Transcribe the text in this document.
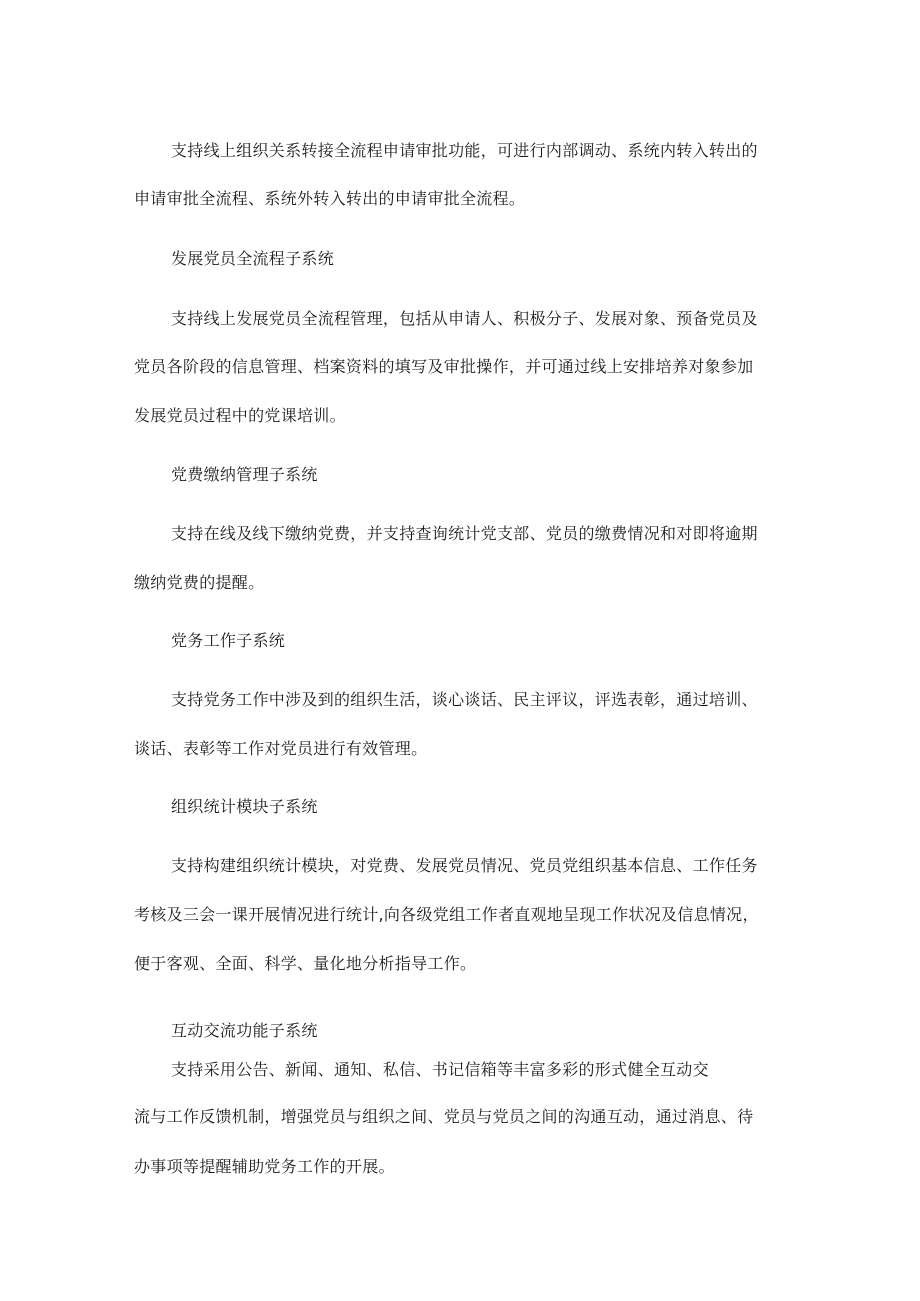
支持线上组织关系转接全流程申请审批功能，可进行内部调动、系统内转入转出的
申请审批全流程、系统外转入转出的申请审批全流程。
发展党员全流程子系统
支持线上发展党员全流程管理，包括从申请人、积极分子、发展对象、预备党员及
党员各阶段的信息管理、档案资料的填写及审批操作，并可通过线上安排培养对象参加
发展党员过程中的党课培训。
党费缴纳管理子系统
支持在线及线下缴纳党费，并支持查询统计党支部、党员的缴费情况和对即将逾期
缴纳党费的提醒。
党务工作子系统
支持党务工作中涉及到的组织生活，谈心谈话、民主评议，评选表彰，通过培训、
谈话、表彰等工作对党员进行有效管理。
组织统计模块子系统
支持构建组织统计模块，对党费、发展党员情况、党员党组织基本信息、工作任务
考核及三会一课开展情况进行统计,向各级党组工作者直观地呈现工作状况及信息情况，
便于客观、全面、科学、量化地分析指导工作。
互动交流功能子系统
支持采用公告、新闻、通知、私信、书记信箱等丰富多彩的形式健全互动交
流与工作反馈机制，增强党员与组织之间、党员与党员之间的沟通互动，通过消息、待
办事项等提醒辅助党务工作的开展。
